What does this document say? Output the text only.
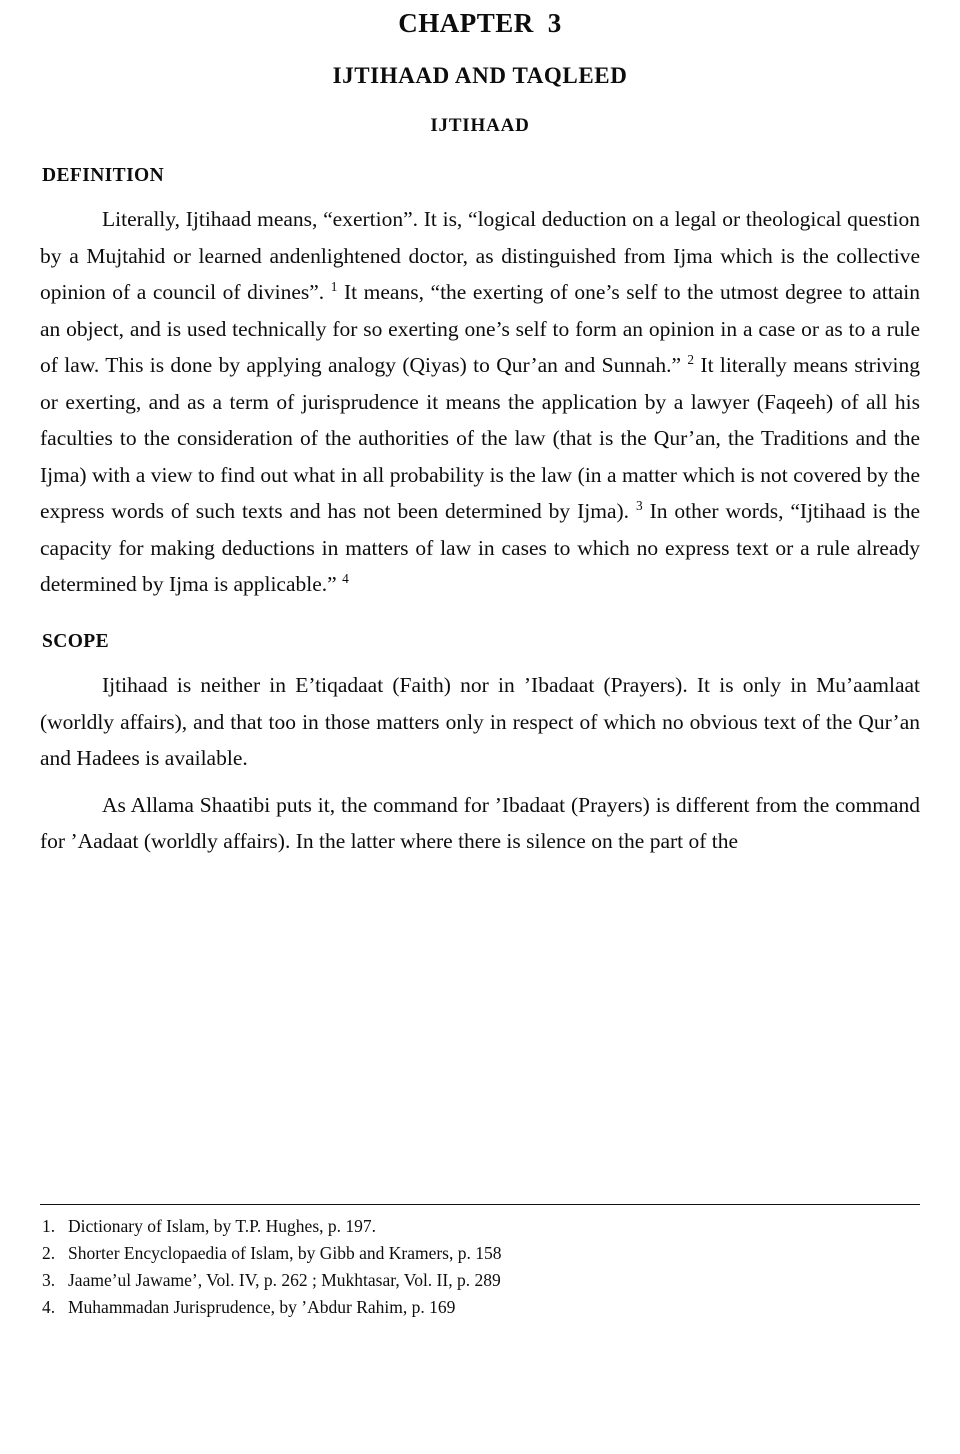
CHAPTER 3
IJTIHAAD AND TAQLEED
IJTIHAAD
DEFINITION

Literally, Ijtihaad means, “exertion”. It is, “logical deduction on a legal or theological question by a Mujtahid or learned andenlightened doctor, as distinguished from Ijma which is the collective opinion of a council of divines”. $^1$ It means, “the exerting of one’s self to the utmost degree to attain an object, and is used technically for so exerting one’s self to form an opinion in a case or as to a rule of law. This is done by applying analogy (Qiyas) to Qur’an and Sunnah.” $^2$ It literally means striving or exerting, and as a term of jurisprudence it means the application by a lawyer (Faqeeh) of all his faculties to the consideration of the authorities of the law (that is the Qur’an, the Traditions and the Ijma) with a view to find out what in all probability is the law (in a matter which is not covered by the express words of such texts and has not been determined by Ijma). $^3$ In other words, “Ijtihaad is the capacity for making deductions in matters of law in cases to which no express text or a rule already determined by Ijma is applicable.” $^4$

SCOPE

Ijtihaad is neither in E’tiqadaat (Faith) nor in ’Ibadaat (Prayers). It is only in Mu’aamlaat (worldly affairs), and that too in those matters only in respect of which no obvious text of the Qur’an and Hadees is available.

As Allama Shaatibi puts it, the command for ’Ibadaat (Prayers) is different from the command for ’Aadaat (worldly affairs). In the latter where there is silence on the part of the

1. Dictionary of Islam, by T.P. Hughes, p. 197.
2. Shorter Encyclopaedia of Islam, by Gibb and Kramers, p. 158
3. Jaame’ul Jawame’, Vol. IV, p. 262 ; Mukhtasar, Vol. II, p. 289
4. Muhammadan Jurisprudence, by ’Abdur Rahim, p. 169
